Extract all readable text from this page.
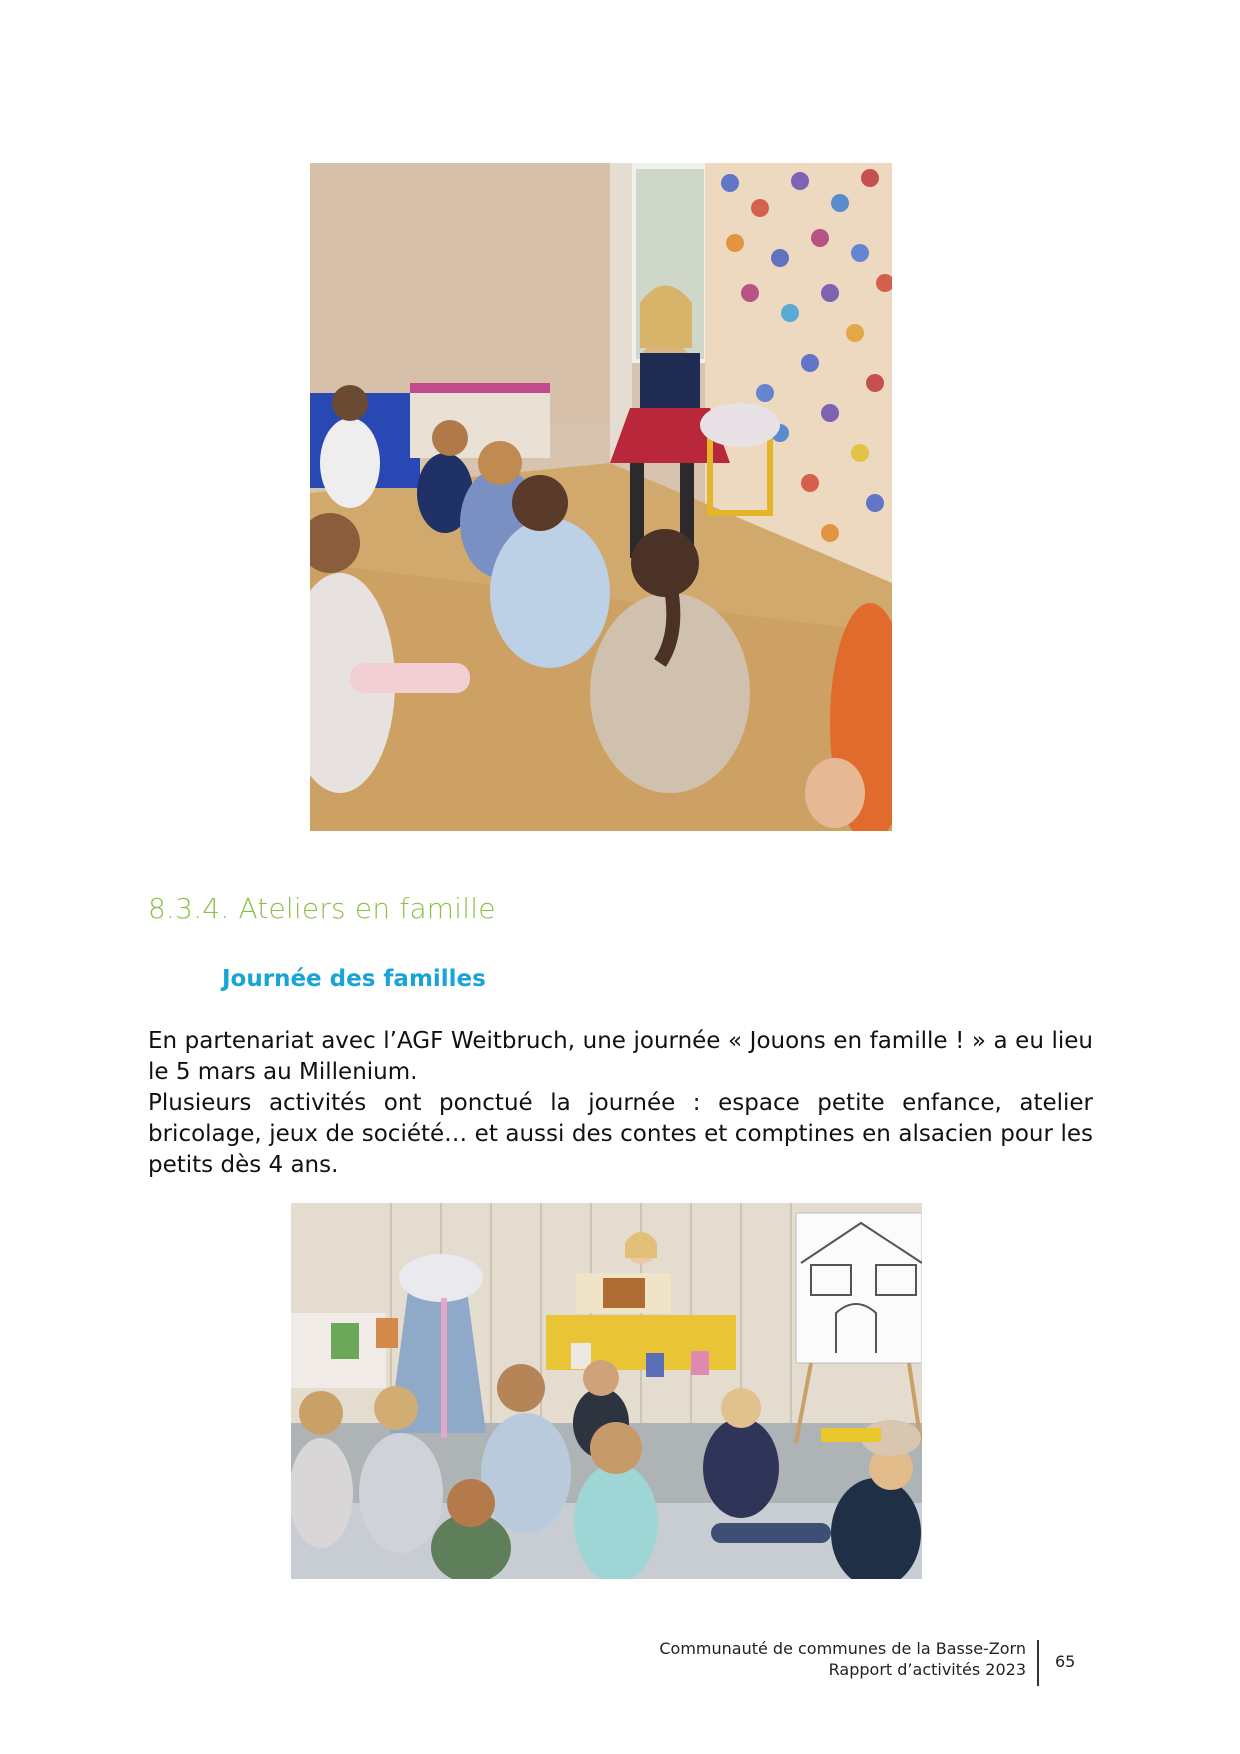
8.3.4. Ateliers en famille
Journée des familles

En partenariat avec l’AGF Weitbruch, une journée « Jouons en famille ! » a eu lieu le 5 mars au Millenium.

Plusieurs activités ont ponctué la journée : espace petite enfance, atelier bricolage, jeux de société… et aussi des contes et comptines en alsacien pour les petits dès 4 ans.

Communauté de communes de la Basse-Zorn
Rapport d’activités 2023 65
